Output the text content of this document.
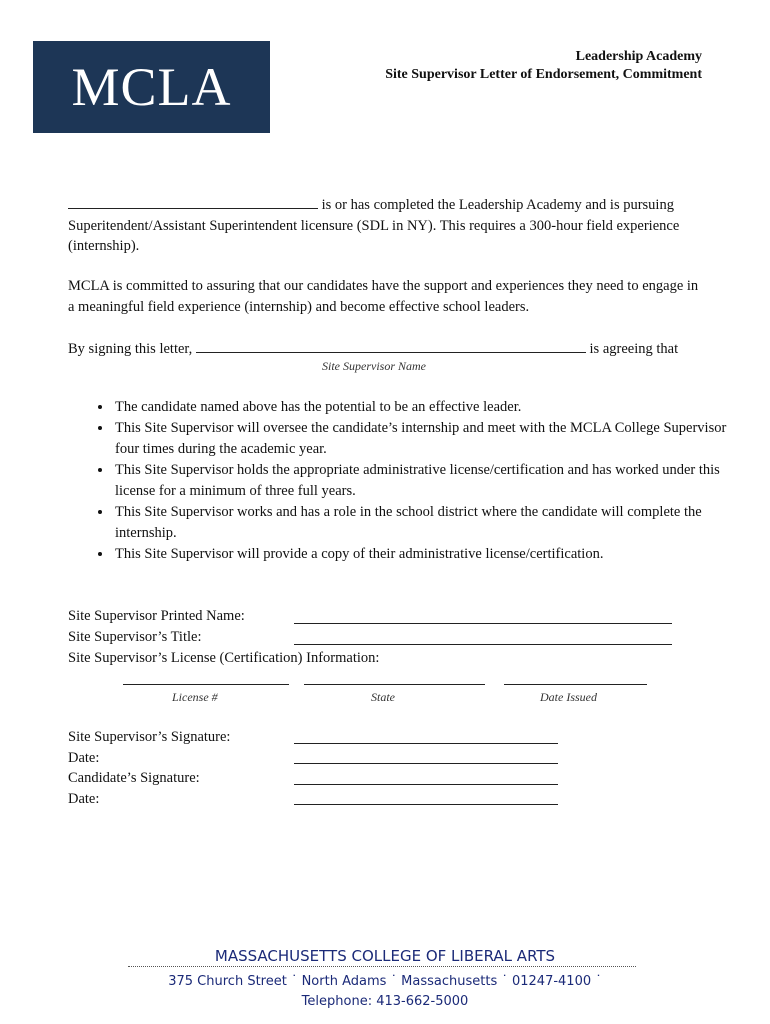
MCLA
Leadership Academy
Site Supervisor Letter of Endorsement, Commitment
is or has completed the Leadership Academy and is pursuing Superitendent/Assistant Superintendent licensure (SDL in NY). This requires a 300-hour field experience (internship).
MCLA is committed to assuring that our candidates have the support and experiences they need to engage in a meaningful field experience (internship) and become effective school leaders.
By signing this letter,	is agreeing that
Site Supervisor Name
• The candidate named above has the potential to be an effective leader.
• This Site Supervisor will oversee the candidate’s internship and meet with the MCLA College Supervisor four times during the academic year.
• This Site Supervisor holds the appropriate administrative license/certification and has worked under this license for a minimum of three full years.
• This Site Supervisor works and has a role in the school district where the candidate will complete the internship.
• This Site Supervisor will provide a copy of their administrative license/certification.
Site Supervisor Printed Name:
Site Supervisor’s Title:
Site Supervisor’s License (Certification) Information:
License #	State	Date Issued
Site Supervisor’s Signature:
Date:
Candidate’s Signature:
Date:
MASSACHUSETTS COLLEGE OF LIBERAL ARTS
375 Church Street ˙ North Adams ˙ Massachusetts ˙ 01247-4100 ˙
Telephone: 413-662-5000
